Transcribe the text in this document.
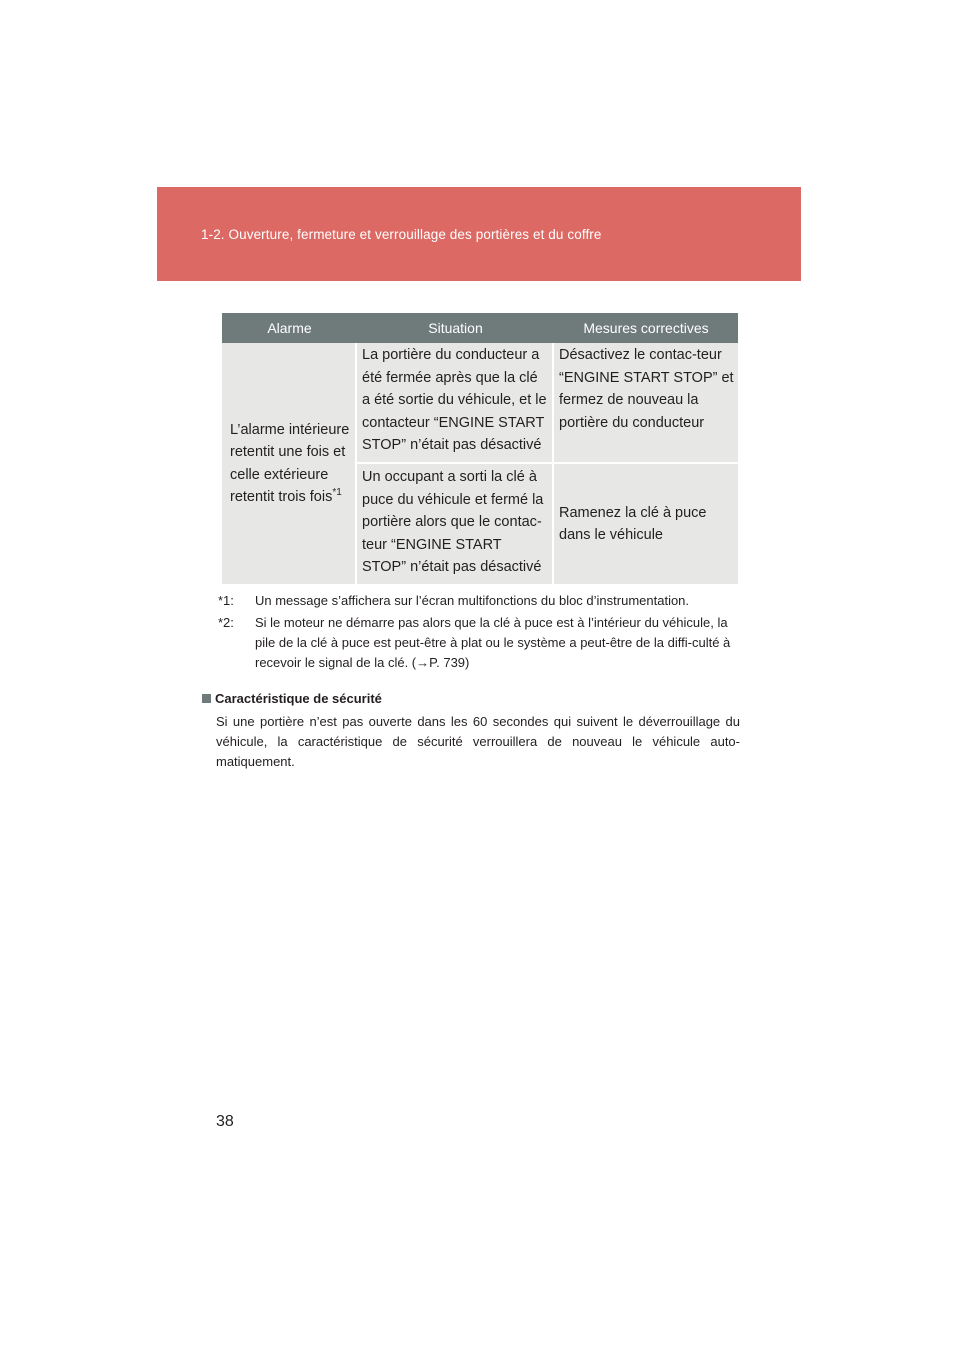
1-2. Ouverture, fermeture et verrouillage des portières et du coffre
Alarme	Situation	Mesures correctives
L’alarme intérieure retentit une fois et celle extérieure retentit trois fois$^{*1}$	La portière du conducteur a été fermée après que la clé a été sortie du véhicule, et le contacteur “ENGINE START STOP” n’était pas désactivé	Désactivez le contac-teur “ENGINE START STOP” et fermez de nouveau la portière du conducteur
	Un occupant a sorti la clé à puce du véhicule et fermé la portière alors que le contac-teur “ENGINE START STOP” n’était pas désactivé	Ramenez la clé à puce dans le véhicule
*1: Un message s’affichera sur l’écran multifonctions du bloc d’instrumentation.
*2: Si le moteur ne démarre pas alors que la clé à puce est à l’intérieur du véhicule, la pile de la clé à puce est peut-être à plat ou le système a peut-être de la diffi-culté à recevoir le signal de la clé. (→P. 739)
Caractéristique de sécurité
Si une portière n’est pas ouverte dans les 60 secondes qui suivent le déverrouillage du véhicule, la caractéristique de sécurité verrouillera de nouveau le véhicule auto-matiquement.
38
